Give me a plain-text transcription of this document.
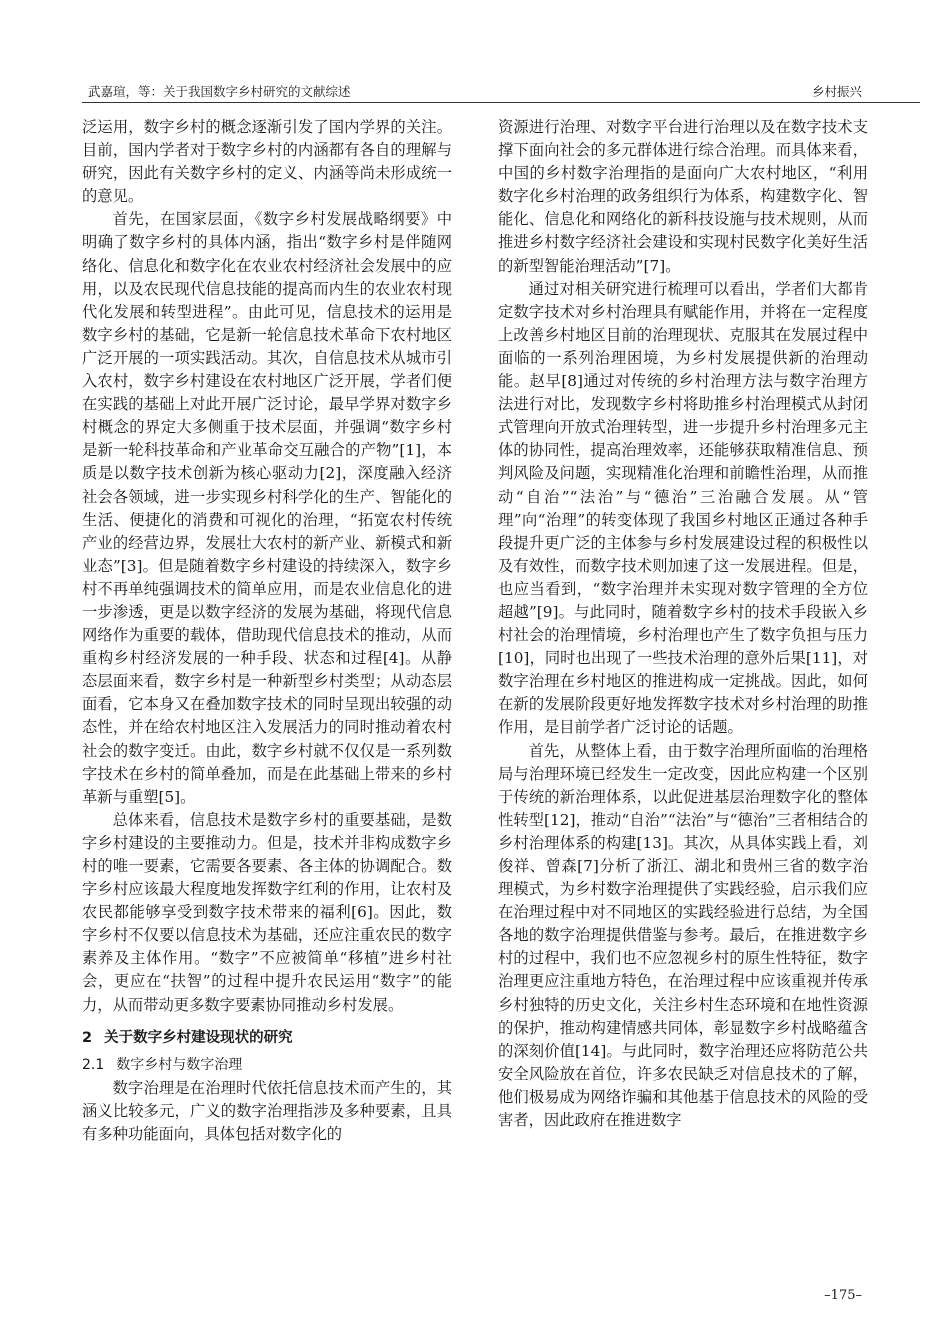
武嘉瑄，等：关于我国数字乡村研究的文献综述	乡村振兴

泛运用，数字乡村的概念逐渐引发了国内学界的关注。目前，国内学者对于数字乡村的内涵都有各自的理解与研究，因此有关数字乡村的定义、内涵等尚未形成统一的意见。

首先，在国家层面，《数字乡村发展战略纲要》中明确了数字乡村的具体内涵，指出“数字乡村是伴随网络化、信息化和数字化在农业农村经济社会发展中的应用，以及农民现代信息技能的提高而内生的农业农村现代化发展和转型进程”。由此可见，信息技术的运用是数字乡村的基础，它是新一轮信息技术革命下农村地区广泛开展的一项实践活动。其次，自信息技术从城市引入农村，数字乡村建设在农村地区广泛开展，学者们便在实践的基础上对此开展广泛讨论，最早学界对数字乡村概念的界定大多侧重于技术层面，并强调“数字乡村是新一轮科技革命和产业革命交互融合的产物”[1]，本质是以数字技术创新为核心驱动力[2]，深度融入经济社会各领域，进一步实现乡村科学化的生产、智能化的生活、便捷化的消费和可视化的治理，“拓宽农村传统产业的经营边界，发展壮大农村的新产业、新模式和新业态”[3]。但是随着数字乡村建设的持续深入，数字乡村不再单纯强调技术的简单应用，而是农业信息化的进一步渗透，更是以数字经济的发展为基础，将现代信息网络作为重要的载体，借助现代信息技术的推动，从而重构乡村经济发展的一种手段、状态和过程[4]。从静态层面来看，数字乡村是一种新型乡村类型；从动态层面看，它本身又在叠加数字技术的同时呈现出较强的动态性，并在给农村地区注入发展活力的同时推动着农村社会的数字变迁。由此，数字乡村就不仅仅是一系列数字技术在乡村的简单叠加，而是在此基础上带来的乡村革新与重塑[5]。

总体来看，信息技术是数字乡村的重要基础，是数字乡村建设的主要推动力。但是，技术并非构成数字乡村的唯一要素，它需要各要素、各主体的协调配合。数字乡村应该最大程度地发挥数字红利的作用，让农村及农民都能够享受到数字技术带来的福利[6]。因此，数字乡村不仅要以信息技术为基础，还应注重农民的数字素养及主体作用。“数字”不应被简单“移植”进乡村社会，更应在“扶智”的过程中提升农民运用“数字”的能力，从而带动更多数字要素协同推动乡村发展。

2 关于数字乡村建设现状的研究
2.1 数字乡村与数字治理

数字治理是在治理时代依托信息技术而产生的，其涵义比较多元，广义的数字治理指涉及多种要素，且具有多种功能面向，具体包括对数字化的

资源进行治理、对数字平台进行治理以及在数字技术支撑下面向社会的多元群体进行综合治理。而具体来看，中国的乡村数字治理指的是面向广大农村地区，“利用数字化乡村治理的政务组织行为体系，构建数字化、智能化、信息化和网络化的新科技设施与技术规则，从而推进乡村数字经济社会建设和实现村民数字化美好生活的新型智能治理活动”[7]。

通过对相关研究进行梳理可以看出，学者们大都肯定数字技术对乡村治理具有赋能作用，并将在一定程度上改善乡村地区目前的治理现状、克服其在发展过程中面临的一系列治理困境，为乡村发展提供新的治理动能。赵早[8]通过对传统的乡村治理方法与数字治理方法进行对比，发现数字乡村将助推乡村治理模式从封闭式管理向开放式治理转型，进一步提升乡村治理多元主体的协同性，提高治理效率，还能够获取精准信息、预判风险及问题，实现精准化治理和前瞻性治理，从而推动“自治”“法治”与“德治”三治融合发展。从“管理”向“治理”的转变体现了我国乡村地区正通过各种手段提升更广泛的主体参与乡村发展建设过程的积极性以及有效性，而数字技术则加速了这一发展进程。但是，也应当看到，“数字治理并未实现对数字管理的全方位超越”[9]。与此同时，随着数字乡村的技术手段嵌入乡村社会的治理情境，乡村治理也产生了数字负担与压力[10]，同时也出现了一些技术治理的意外后果[11]，对数字治理在乡村地区的推进构成一定挑战。因此，如何在新的发展阶段更好地发挥数字技术对乡村治理的助推作用，是目前学者广泛讨论的话题。

首先，从整体上看，由于数字治理所面临的治理格局与治理环境已经发生一定改变，因此应构建一个区别于传统的新治理体系，以此促进基层治理数字化的整体性转型[12]，推动“自治”“法治”与“德治”三者相结合的乡村治理体系的构建[13]。其次，从具体实践上看，刘俊祥、曾森[7]分析了浙江、湖北和贵州三省的数字治理模式，为乡村数字治理提供了实践经验，启示我们应在治理过程中对不同地区的实践经验进行总结，为全国各地的数字治理提供借鉴与参考。最后，在推进数字乡村的过程中，我们也不应忽视乡村的原生性特征，数字治理更应注重地方特色，在治理过程中应该重视并传承乡村独特的历史文化，关注乡村生态环境和在地性资源的保护，推动构建情感共同体，彰显数字乡村战略蕴含的深刻价值[14]。与此同时，数字治理还应将防范公共安全风险放在首位，许多农民缺乏对信息技术的了解，他们极易成为网络诈骗和其他基于信息技术的风险的受害者，因此政府在推进数字

–175–
